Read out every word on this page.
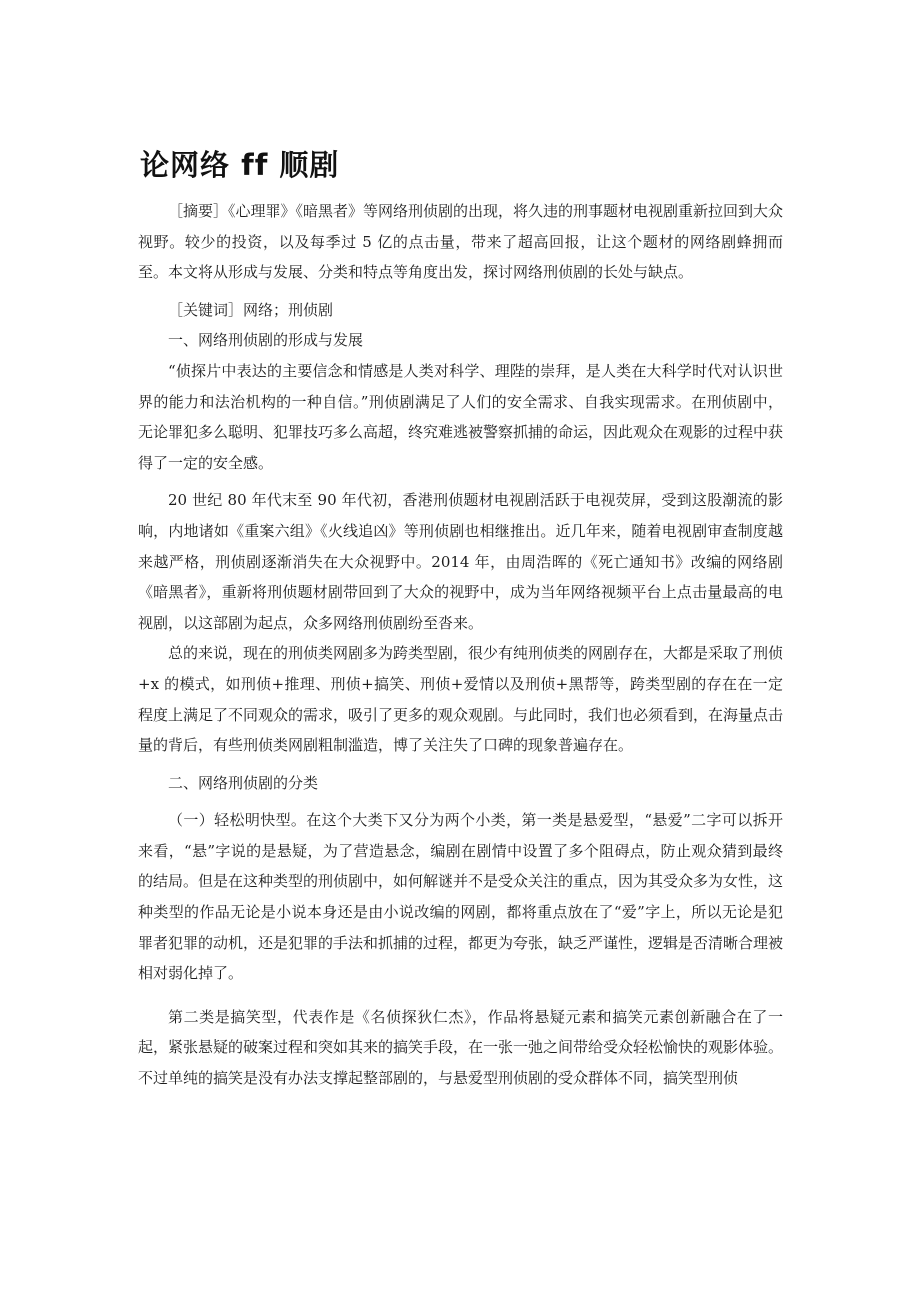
论网络 ff 顺剧

［摘要］《心理罪》《暗黑者》等网络刑侦剧的出现，将久违的刑事题材电视剧重新拉回到大众视野。较少的投资，以及每季过 5 亿的点击量，带来了超高回报，让这个题材的网络剧蜂拥而至。本文将从形成与发展、分类和特点等角度出发，探讨网络刑侦剧的长处与缺点。

［关键词］网络；刑侦剧

一、网络刑侦剧的形成与发展

“侦探片中表达的主要信念和情感是人类对科学、理陛的崇拜，是人类在大科学时代对认识世界的能力和法治机构的一种自信。”刑侦剧满足了人们的安全需求、自我实现需求。在刑侦剧中，无论罪犯多么聪明、犯罪技巧多么高超，终究难逃被警察抓捕的命运，因此观众在观影的过程中获得了一定的安全感。

20 世纪 80 年代末至 90 年代初，香港刑侦题材电视剧活跃于电视荧屏，受到这股潮流的影响，内地诸如《重案六组》《火线追凶》等刑侦剧也相继推出。近几年来，随着电视剧审查制度越来越严格，刑侦剧逐渐消失在大众视野中。2014 年，由周浩晖的《死亡通知书》改编的网络剧《暗黑者》，重新将刑侦题材剧带回到了大众的视野中，成为当年网络视频平台上点击量最高的电视剧，以这部剧为起点，众多网络刑侦剧纷至沓来。

总的来说，现在的刑侦类网剧多为跨类型剧，很少有纯刑侦类的网剧存在，大都是采取了刑侦+x 的模式，如刑侦+推理、刑侦+搞笑、刑侦+爱情以及刑侦+黑帮等，跨类型剧的存在在一定程度上满足了不同观众的需求，吸引了更多的观众观剧。与此同时，我们也必须看到，在海量点击量的背后，有些刑侦类网剧粗制滥造，博了关注失了口碑的现象普遍存在。

二、网络刑侦剧的分类

（一）轻松明快型。在这个大类下又分为两个小类，第一类是悬爱型，“悬爱”二字可以拆开来看，“悬”字说的是悬疑，为了营造悬念，编剧在剧情中设置了多个阻碍点，防止观众猜到最终的结局。但是在这种类型的刑侦剧中，如何解谜并不是受众关注的重点，因为其受众多为女性，这种类型的作品无论是小说本身还是由小说改编的网剧，都将重点放在了“爱”字上，所以无论是犯罪者犯罪的动机，还是犯罪的手法和抓捕的过程，都更为夸张，缺乏严谨性，逻辑是否清晰合理被相对弱化掉了。

第二类是搞笑型，代表作是《名侦探狄仁杰》，作品将悬疑元素和搞笑元素创新融合在了一起，紧张悬疑的破案过程和突如其来的搞笑手段，在一张一弛之间带给受众轻松愉快的观影体验。不过单纯的搞笑是没有办法支撑起整部剧的，与悬爱型刑侦剧的受众群体不同，搞笑型刑侦
